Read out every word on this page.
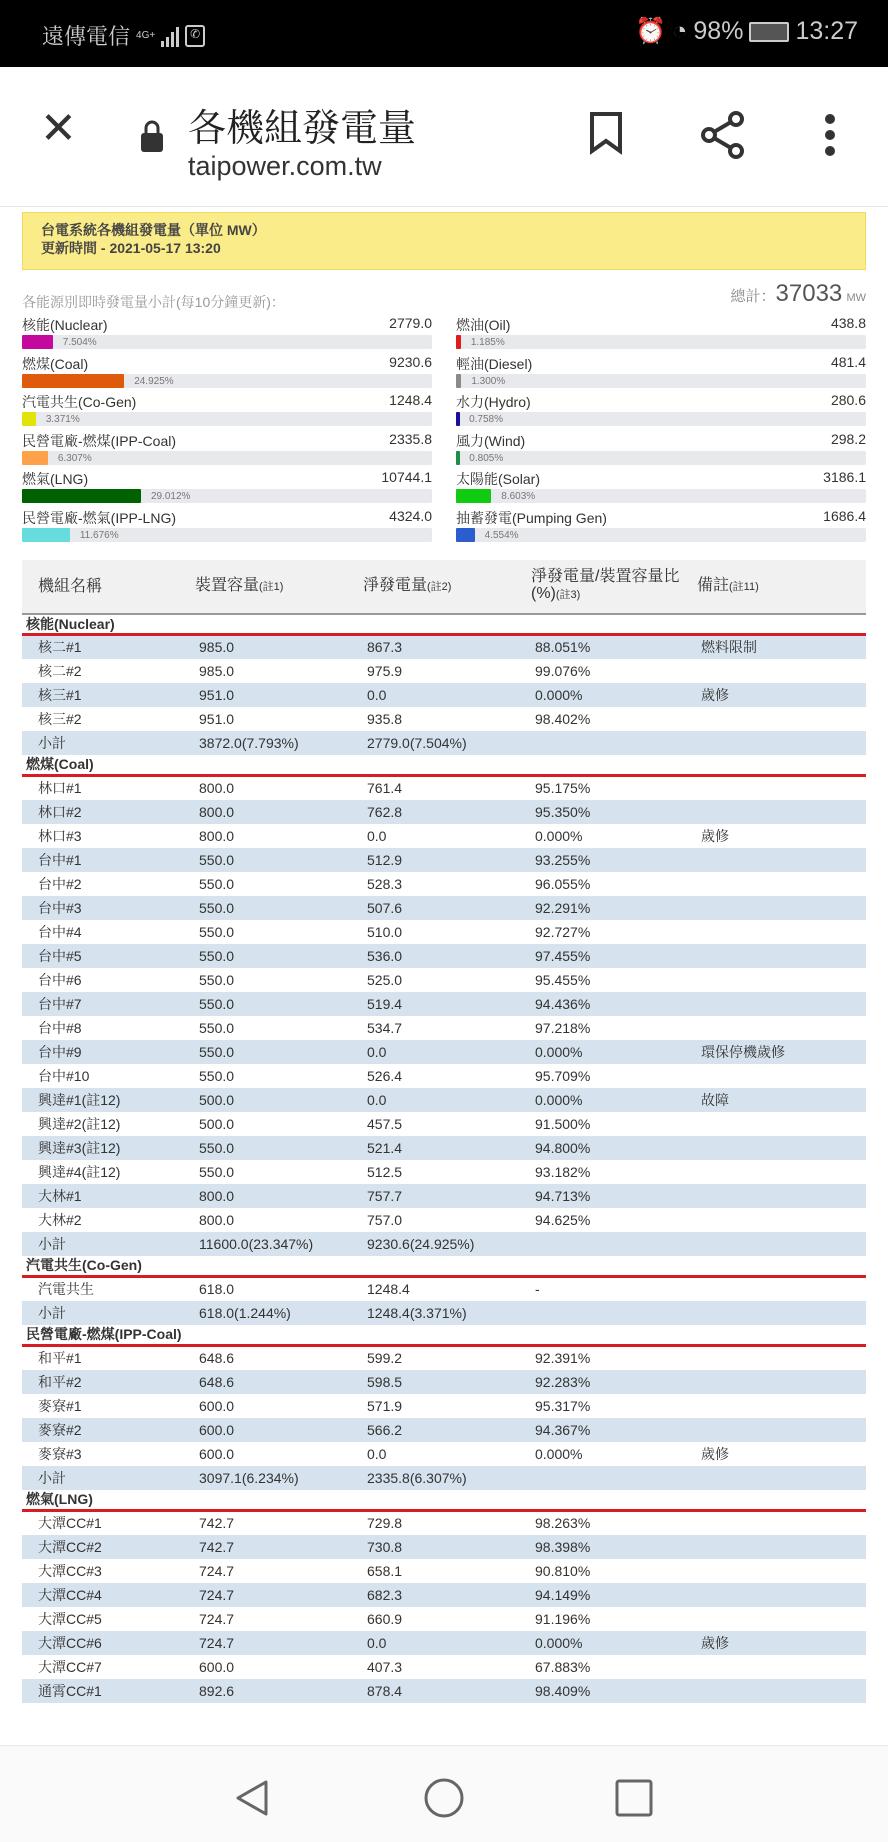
遠傳電信 4G+	✆	⏰ ◔ 98% 13:27
✕	各機組發電量
taipower.com.tw
台電系統各機組發電量（單位 MW）
更新時間 - 2021-05-17 13:20
各能源別即時發電量小計(每10分鐘更新)：	總計：37033 MW
核能(Nuclear)	2779.0
7.504%
燃油(Oil)	438.8
1.185%
燃煤(Coal)	9230.6
24.925%
輕油(Diesel)	481.4
1.300%
汽電共生(Co-Gen)	1248.4
3.371%
水力(Hydro)	280.6
0.758%
民營電廠-燃煤(IPP-Coal)	2335.8
6.307%
風力(Wind)	298.2
0.805%
燃氣(LNG)	10744.1
29.012%
太陽能(Solar)	3186.1
8.603%
民營電廠-燃氣(IPP-LNG)	4324.0
11.676%
抽蓄發電(Pumping Gen)	1686.4
4.554%
機組名稱	裝置容量(註1)	淨發電量(註2)	淨發電量/裝置容量比(%)(註3)	備註(註11)
核能(Nuclear)				
核二#1	985.0	867.3	88.051%	燃料限制
核二#2	985.0	975.9	99.076%	
核三#1	951.0	0.0	0.000%	歲修
核三#2	951.0	935.8	98.402%	
小計	3872.0(7.793%)	2779.0(7.504%)		
燃煤(Coal)				
林口#1	800.0	761.4	95.175%	
林口#2	800.0	762.8	95.350%	
林口#3	800.0	0.0	0.000%	歲修
台中#1	550.0	512.9	93.255%	
台中#2	550.0	528.3	96.055%	
台中#3	550.0	507.6	92.291%	
台中#4	550.0	510.0	92.727%	
台中#5	550.0	536.0	97.455%	
台中#6	550.0	525.0	95.455%	
台中#7	550.0	519.4	94.436%	
台中#8	550.0	534.7	97.218%	
台中#9	550.0	0.0	0.000%	環保停機歲修
台中#10	550.0	526.4	95.709%	
興達#1(註12)	500.0	0.0	0.000%	故障
興達#2(註12)	500.0	457.5	91.500%	
興達#3(註12)	550.0	521.4	94.800%	
興達#4(註12)	550.0	512.5	93.182%	
大林#1	800.0	757.7	94.713%	
大林#2	800.0	757.0	94.625%	
小計	11600.0(23.347%)	9230.6(24.925%)		
汽電共生(Co-Gen)				
汽電共生	618.0	1248.4	-	
小計	618.0(1.244%)	1248.4(3.371%)		
民營電廠-燃煤(IPP-Coal)				
和平#1	648.6	599.2	92.391%	
和平#2	648.6	598.5	92.283%	
麥寮#1	600.0	571.9	95.317%	
麥寮#2	600.0	566.2	94.367%	
麥寮#3	600.0	0.0	0.000%	歲修
小計	3097.1(6.234%)	2335.8(6.307%)		
燃氣(LNG)				
大潭CC#1	742.7	729.8	98.263%	
大潭CC#2	742.7	730.8	98.398%	
大潭CC#3	724.7	658.1	90.810%	
大潭CC#4	724.7	682.3	94.149%	
大潭CC#5	724.7	660.9	91.196%	
大潭CC#6	724.7	0.0	0.000%	歲修
大潭CC#7	600.0	407.3	67.883%	
通霄CC#1	892.6	878.4	98.409%	
